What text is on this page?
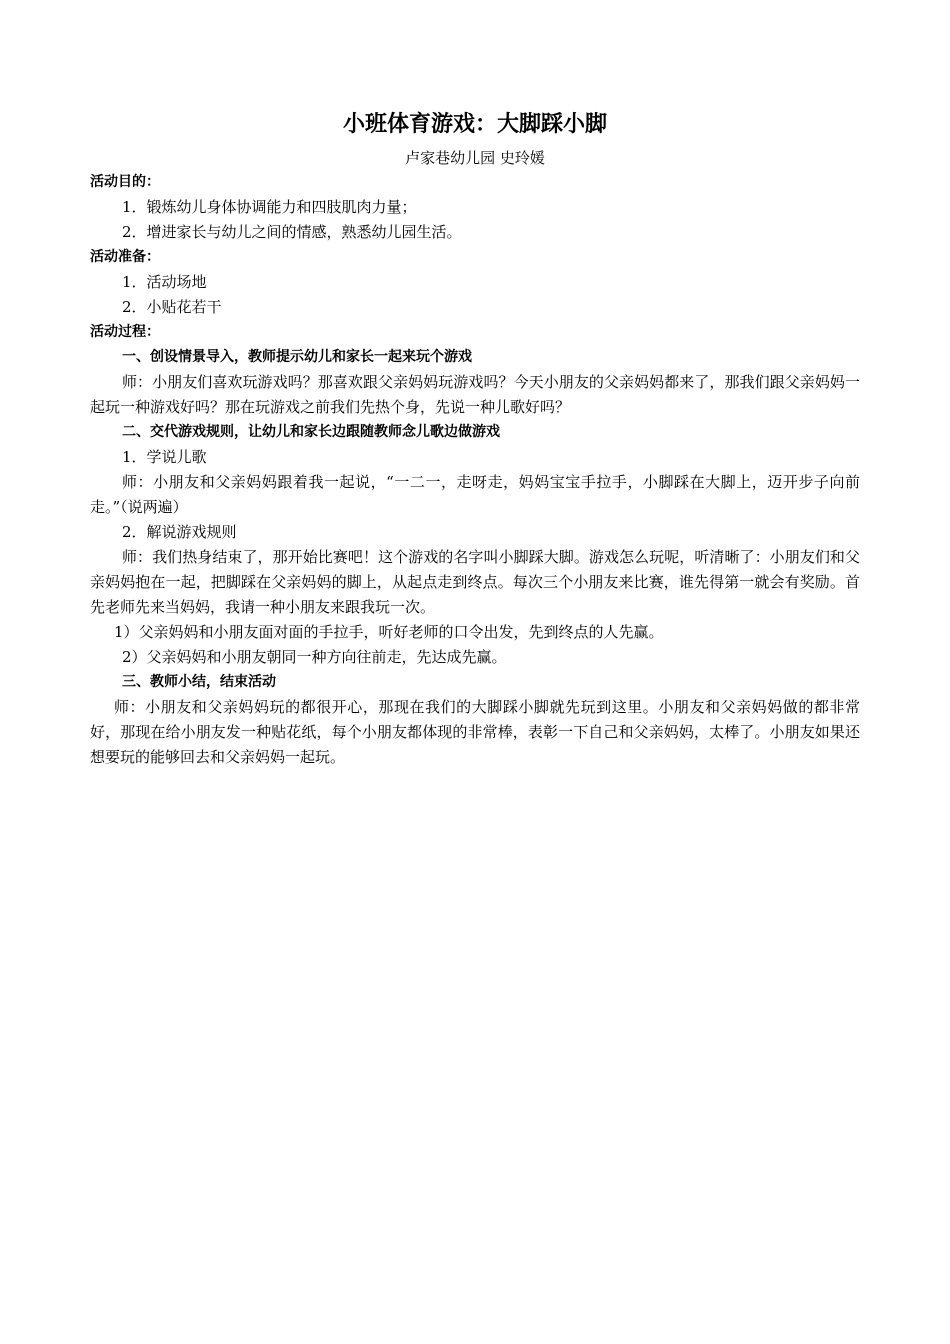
小班体育游戏：大脚踩小脚

卢家巷幼儿园 史玲媛

活动目的：

1．锻炼幼儿身体协调能力和四肢肌肉力量；

2．增进家长与幼儿之间的情感，熟悉幼儿园生活。

活动准备：

1．活动场地

2．小贴花若干

活动过程：

一、创设情景导入，教师提示幼儿和家长一起来玩个游戏

师：小朋友们喜欢玩游戏吗？那喜欢跟父亲妈妈玩游戏吗？今天小朋友的父亲妈妈都来了，那我们跟父亲妈妈一起玩一种游戏好吗？那在玩游戏之前我们先热个身，先说一种儿歌好吗？

二、交代游戏规则，让幼儿和家长边跟随教师念儿歌边做游戏

1．学说儿歌

师：小朋友和父亲妈妈跟着我一起说，“一二一，走呀走，妈妈宝宝手拉手，小脚踩在大脚上，迈开步子向前走。”（说两遍）

2．解说游戏规则

师：我们热身结束了，那开始比赛吧！这个游戏的名字叫小脚踩大脚。游戏怎么玩呢，听清晰了：小朋友们和父亲妈妈抱在一起，把脚踩在父亲妈妈的脚上，从起点走到终点。每次三个小朋友来比赛，谁先得第一就会有奖励。首先老师先来当妈妈，我请一种小朋友来跟我玩一次。

1）父亲妈妈和小朋友面对面的手拉手，听好老师的口令出发，先到终点的人先赢。

2）父亲妈妈和小朋友朝同一种方向往前走，先达成先赢。

三、教师小结，结束活动

师：小朋友和父亲妈妈玩的都很开心，那现在我们的大脚踩小脚就先玩到这里。小朋友和父亲妈妈做的都非常好，那现在给小朋友发一种贴花纸，每个小朋友都体现的非常棒，表彰一下自己和父亲妈妈，太棒了。小朋友如果还想要玩的能够回去和父亲妈妈一起玩。
